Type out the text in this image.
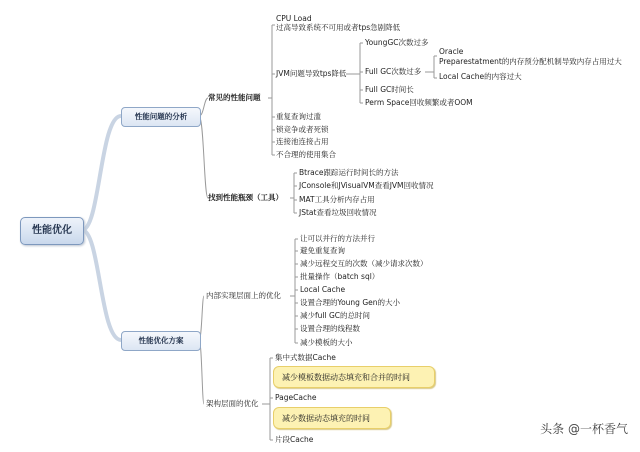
性能优化
性能问题的分析
性能优化方案
常见的性能问题
CPU Load
过高导致系统不可用或者tps急剧降低
JVM问题导致tps降低
YoungGC次数过多
Full GC次数过多
Oracle
Preparestatment的内存预分配机制导致内存占用过大
Local Cache的内容过大
Full GC时间长
Perm Space回收频繁或者OOM
重复查询过滥
锁竞争或者死锁
连接池连接占用
不合理的使用集合
找到性能瓶颈（工具）
Btrace跟踪运行时间长的方法
JConsole和JVisualVM查看JVM回收情况
MAT工具分析内存占用
JStat查看垃圾回收情况
内部实现层面上的优化
让可以并行的方法并行
避免重复查询
减少远程交互的次数（减少请求次数）
批量操作（batch sql）
Local Cache
设置合理的Young Gen的大小
减少full GC的总时间
设置合理的线程数
减少模板的大小
架构层面的优化
集中式数据Cache
减少模板数据动态填充和合并的时间
PageCache
减少数据动态填充的时间
片段Cache
头条 @一杯香气
